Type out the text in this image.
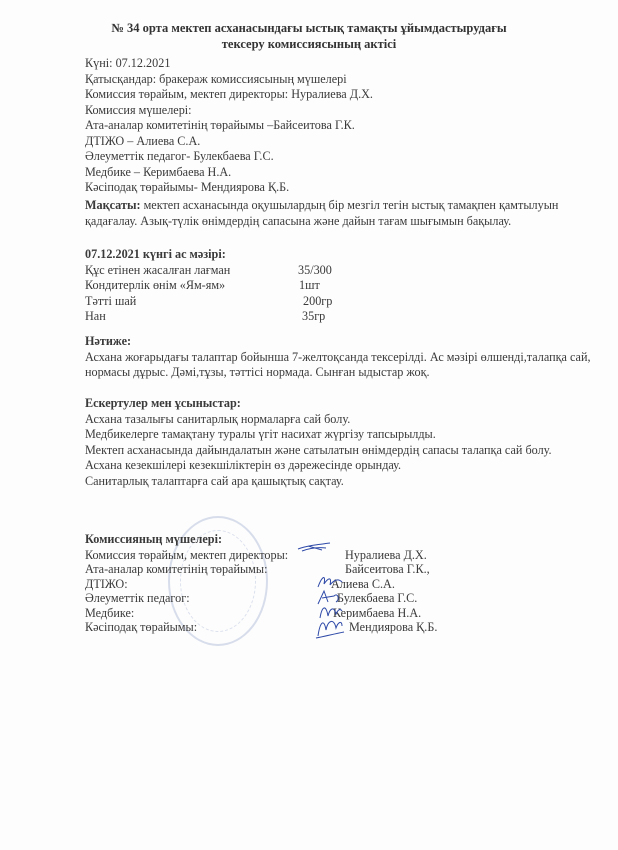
№ 34 орта мектеп асханасындағы ыстық тамақты ұйымдастырудағы
тексеру комиссиясының актісі
Күні: 07.12.2021
Қатысқандар: бракераж комиссиясының мүшелері
Комиссия төрайым, мектеп директоры: Нуралиева Д.Х.
Комиссия мүшелері:
Ата-аналар комитетінің төрайымы –Байсеитова Г.К.
ДТІЖО – Алиева С.А.
Әлеуметтік педагог- Булекбаева Г.С.
Медбике – Керимбаева Н.А.
Кәсіподақ төрайымы- Мендиярова Қ.Б.
Мақсаты: мектеп асханасында оқушылардың бір мезгіл тегін ыстық тамақпен қамтылуын
қадағалау. Азық-түлік өнімдердің сапасына және дайын тағам шығымын бақылау.
07.12.2021 күнгі ас мәзірі:
Құс етінен жасалған лағман	35/300
Кондитерлік өнім «Ям-ям»	1шт
Тәтті шай	200гр
Нан	35гр
Нәтиже:
Асхана жоғарыдағы талаптар бойынша 7-желтоқсанда тексерілді. Ас мәзірі өлшенді,талапқа сай,
нормасы дұрыс. Дәмі,тұзы, тәттісі нормада. Сынған ыдыстар жоқ.
Ескертулер мен ұсыныстар:
Асхана тазалығы санитарлық нормаларға сай болу.
Медбикелерге тамақтану туралы үгіт насихат жүргізу тапсырылды.
Мектеп асханасында дайындалатын және сатылатын өнімдердің сапасы талапқа сай болу.
Асхана кезекшілері кезекшіліктерін өз дәрежесінде орындау.
Санитарлық талаптарға сай ара қашықтық сақтау.
Комиссияның мүшелері:
Комиссия төрайым, мектеп директоры:	Нуралиева Д.Х.
Ата-аналар комитетінің төрайымы:	Байсеитова Г.К.,
ДТІЖО:	Алиева С.А.
Әлеуметтік педагог:	Булекбаева Г.С.
Медбике:	Керимбаева Н.А.
Кәсіподақ төрайымы:	Мендиярова Қ.Б.
